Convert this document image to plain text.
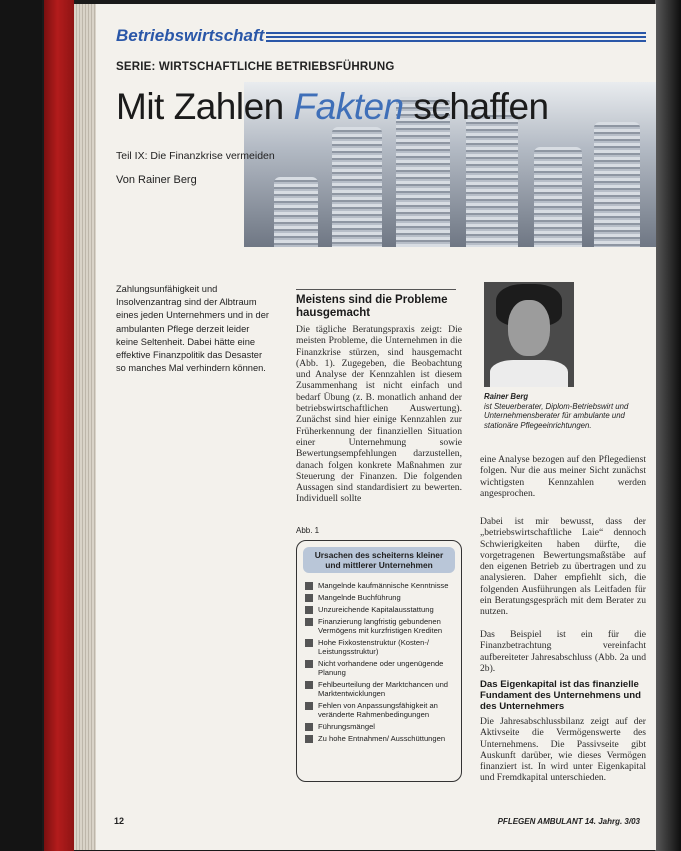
Betriebswirtschaft
SERIE: WIRTSCHAFTLICHE BETRIEBSFÜHRUNG
Mit Zahlen Fakten schaffen
Teil IX: Die Finanzkrise vermeiden
Von Rainer Berg
Zahlungsunfähigkeit und Insolvenzantrag sind der Albtraum eines jeden Unternehmers und in der ambulanten Pflege derzeit leider keine Seltenheit. Dabei hätte eine effektive Finanzpolitik das Desaster so manches Mal verhindern können.
Meistens sind die Probleme hausgemacht
Die tägliche Beratungspraxis zeigt: Die meisten Probleme, die Unternehmen in die Finanzkrise stürzen, sind hausgemacht (Abb. 1). Zugegeben, die Beobachtung und Analyse der Kennzahlen ist diesem Zusammenhang ist nicht einfach und bedarf Übung (z. B. monatlich anhand der betriebswirtschaftlichen Auswertung). Zunächst sind hier einige Kennzahlen zur Früherkennung der finanziellen Situation einer Unternehmung sowie Bewertungsempfehlungen darzustellen, danach folgen konkrete Maßnahmen zur Steuerung der Finanzen. Die folgenden Aussagen sind standardisiert zu bewerten. Individuell sollte
Abb. 1
Ursachen des scheiterns kleiner und mittlerer Unternehmen
Mangelnde kaufmännische Kenntnisse
Mangelnde Buchführung
Unzureichende Kapitalausstattung
Finanzierung langfristig gebundenen Vermögens mit kurzfristigen Krediten
Hohe Fixkostenstruktur (Kosten-/ Leistungsstruktur)
Nicht vorhandene oder ungenügende Planung
Fehlbeurteilung der Marktchancen und Marktentwicklungen
Fehlen von Anpassungsfähigkeit an veränderte Rahmenbedingungen
Führungsmängel
Zu hohe Entnahmen/ Ausschüttungen
Rainer Berg
ist Steuerberater, Diplom-Betriebswirt und Unternehmensberater für ambulante und stationäre Pflegeeinrichtungen.
eine Analyse bezogen auf den Pflegedienst folgen. Nur die aus meiner Sicht zunächst wichtigsten Kennzahlen werden angesprochen.
Dabei ist mir bewusst, dass der „betriebswirtschaftliche Laie“ dennoch Schwierigkeiten haben dürfte, die vorgetragenen Bewertungsmaßstäbe auf den eigenen Betrieb zu übertragen und zu analysieren. Daher empfiehlt sich, die folgenden Ausführungen als Leitfaden für ein Beratungsgespräch mit dem Berater zu nutzen.
Das Beispiel ist ein für die Finanzbetrachtung vereinfacht aufbereiteter Jahresabschluss (Abb. 2a und 2b).
Das Eigenkapital ist das finanzielle Fundament des Unternehmens und des Unternehmers
Die Jahresabschlussbilanz zeigt auf der Aktivseite die Vermögenswerte des Unternehmens. Die Passivseite gibt Auskunft darüber, wie dieses Vermögen finanziert ist. In wird unter Eigenkapital und Fremdkapital unterschieden.
12	PFLEGEN AMBULANT 14. Jahrg. 3/03
